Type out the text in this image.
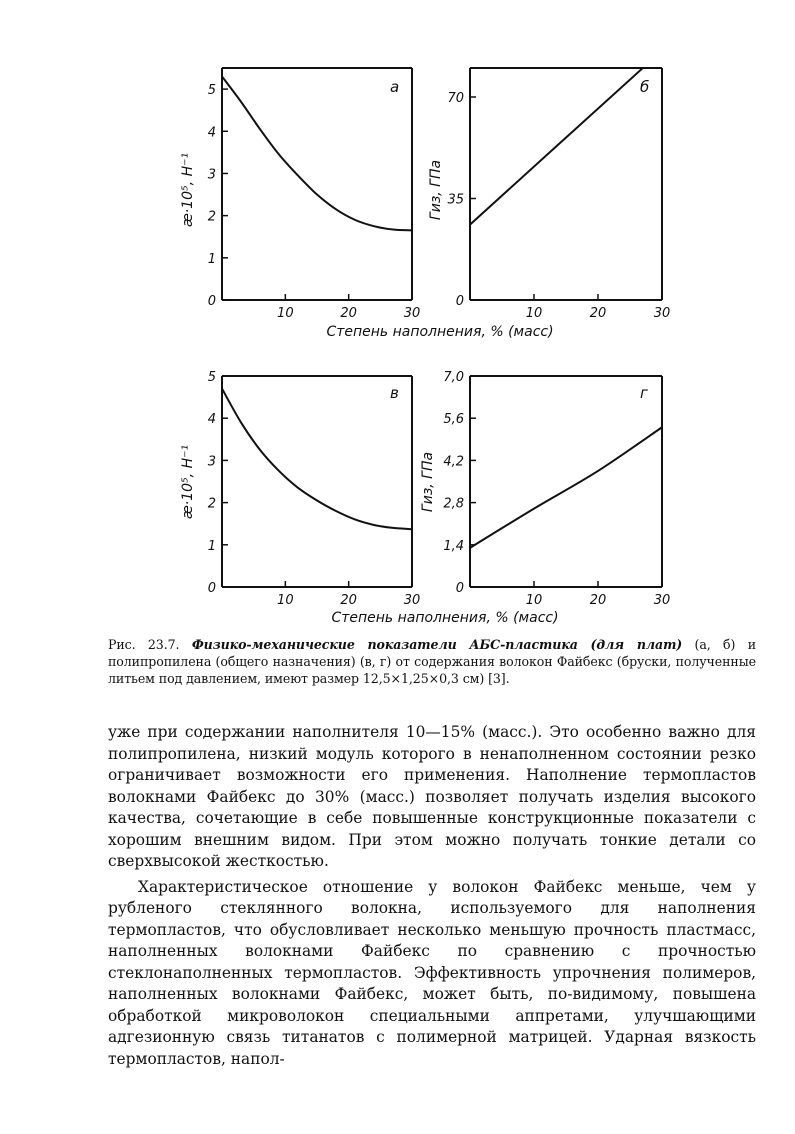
а
0
1
2
3
4
5
10	20	30
æ·10⁵, Н⁻¹
б
0
35
70
10	20	30
Гиз, ГПа
Степень наполнения, % (масс)
в
0
1
2
3
4
5
10	20	30
æ·10⁵, Н⁻¹
г
0
1,4
2,8
4,2
5,6
7,0
10	20	30
Гиз, ГПа
Степень наполнения, % (масс)
Рис. 23.7. Физико-механические показатели АБС-пластика (для плат) (а, б) и полипропилена (общего назначения) (в, г) от содержания волокон Файбекс (бруски, полученные литьем под давлением, имеют размер 12,5×1,25×0,3 см) [3].

уже при содержании наполнителя 10—15% (масс.). Это особенно важно для полипропилена, низкий модуль которого в ненаполненном состоянии резко ограничивает возможности его применения. Наполнение термопластов волокнами Файбекс до 30% (масс.) позволяет получать изделия высокого качества, сочетающие в себе повышенные конструкционные показатели с хорошим внешним видом. При этом можно получать тонкие детали со сверхвысокой жесткостью.

Характеристическое отношение у волокон Файбекс меньше, чем у рубленого стеклянного волокна, используемого для наполнения термопластов, что обусловливает несколько меньшую прочность пластмасс, наполненных волокнами Файбекс по сравнению с прочностью стеклонаполненных термопластов. Эффективность упрочнения полимеров, наполненных волокнами Файбекс, может быть, по-видимому, повышена обработкой микроволокон специальными аппретами, улучшающими адгезионную связь титанатов с полимерной матрицей. Ударная вязкость термопластов, напол-
